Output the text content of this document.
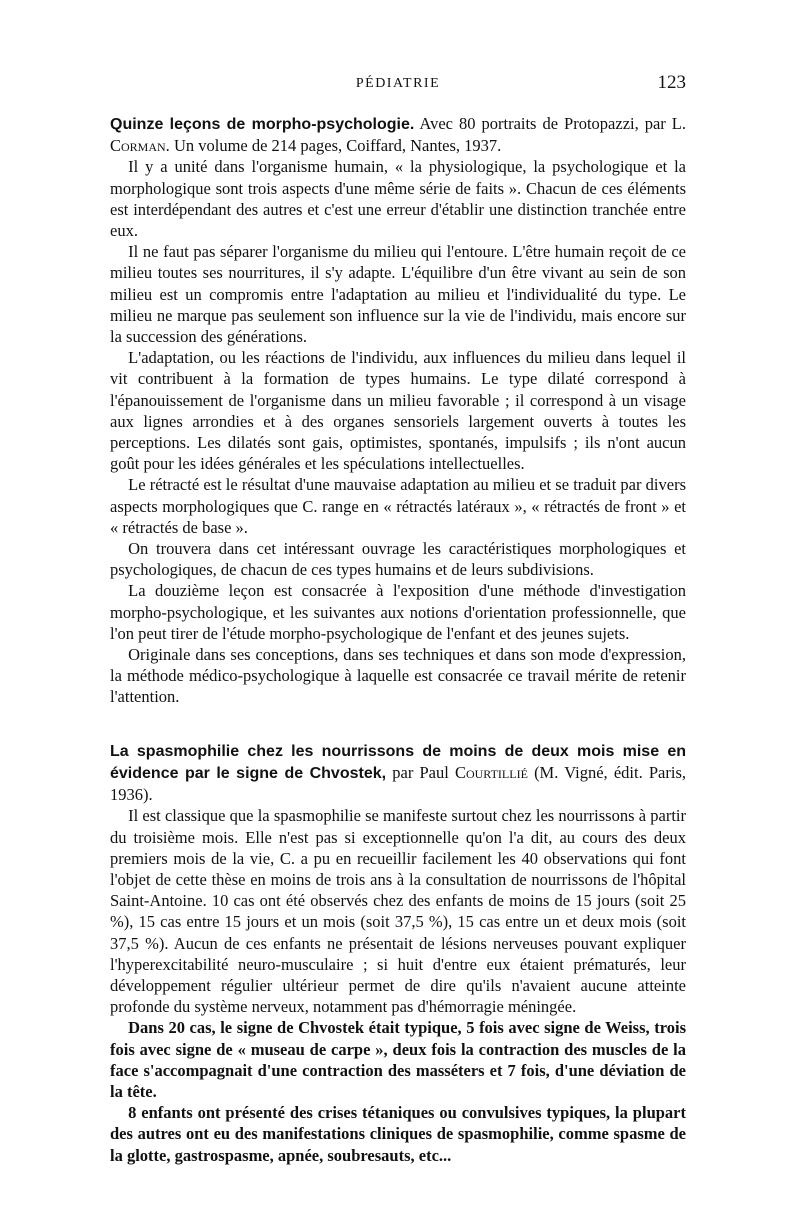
PÉDIATRIE	123

Quinze leçons de morpho-psychologie. Avec 80 portraits de Protopazzi, par L. Corman. Un volume de 214 pages, Coiffard, Nantes, 1937.

Il y a unité dans l'organisme humain, « la physiologique, la psychologique et la morphologique sont trois aspects d'une même série de faits ». Chacun de ces éléments est interdépendant des autres et c'est une erreur d'établir une distinction tranchée entre eux.

Il ne faut pas séparer l'organisme du milieu qui l'entoure. L'être humain reçoit de ce milieu toutes ses nourritures, il s'y adapte. L'équilibre d'un être vivant au sein de son milieu est un compromis entre l'adaptation au milieu et l'individualité du type. Le milieu ne marque pas seulement son influence sur la vie de l'individu, mais encore sur la succession des générations.

L'adaptation, ou les réactions de l'individu, aux influences du milieu dans lequel il vit contribuent à la formation de types humains. Le type dilaté correspond à l'épanouissement de l'organisme dans un milieu favorable ; il correspond à un visage aux lignes arrondies et à des organes sensoriels largement ouverts à toutes les perceptions. Les dilatés sont gais, optimistes, spontanés, impulsifs ; ils n'ont aucun goût pour les idées générales et les spéculations intellectuelles.

Le rétracté est le résultat d'une mauvaise adaptation au milieu et se traduit par divers aspects morphologiques que C. range en « rétractés latéraux », « rétractés de front » et « rétractés de base ».

On trouvera dans cet intéressant ouvrage les caractéristiques morphologiques et psychologiques, de chacun de ces types humains et de leurs subdivisions.

La douzième leçon est consacrée à l'exposition d'une méthode d'investigation morpho-psychologique, et les suivantes aux notions d'orientation professionnelle, que l'on peut tirer de l'étude morpho-psychologique de l'enfant et des jeunes sujets.

Originale dans ses conceptions, dans ses techniques et dans son mode d'expression, la méthode médico-psychologique à laquelle est consacrée ce travail mérite de retenir l'attention.

La spasmophilie chez les nourrissons de moins de deux mois mise en évidence par le signe de Chvostek, par Paul Courtillié (M. Vigné, édit. Paris, 1936).

Il est classique que la spasmophilie se manifeste surtout chez les nourrissons à partir du troisième mois. Elle n'est pas si exceptionnelle qu'on l'a dit, au cours des deux premiers mois de la vie, C. a pu en recueillir facilement les 40 observations qui font l'objet de cette thèse en moins de trois ans à la consultation de nourrissons de l'hôpital Saint-Antoine. 10 cas ont été observés chez des enfants de moins de 15 jours (soit 25 %), 15 cas entre 15 jours et un mois (soit 37,5 %), 15 cas entre un et deux mois (soit 37,5 %). Aucun de ces enfants ne présentait de lésions nerveuses pouvant expliquer l'hyperexcitabilité neuro-musculaire ; si huit d'entre eux étaient prématurés, leur développement régulier ultérieur permet de dire qu'ils n'avaient aucune atteinte profonde du système nerveux, notamment pas d'hémorragie méningée.

Dans 20 cas, le signe de Chvostek était typique, 5 fois avec signe de Weiss, trois fois avec signe de « museau de carpe », deux fois la contraction des muscles de la face s'accompagnait d'une contraction des masséters et 7 fois, d'une déviation de la tête.

8 enfants ont présenté des crises tétaniques ou convulsives typiques, la plupart des autres ont eu des manifestations cliniques de spasmophilie, comme spasme de la glotte, gastrospasme, apnée, soubresauts, etc...
